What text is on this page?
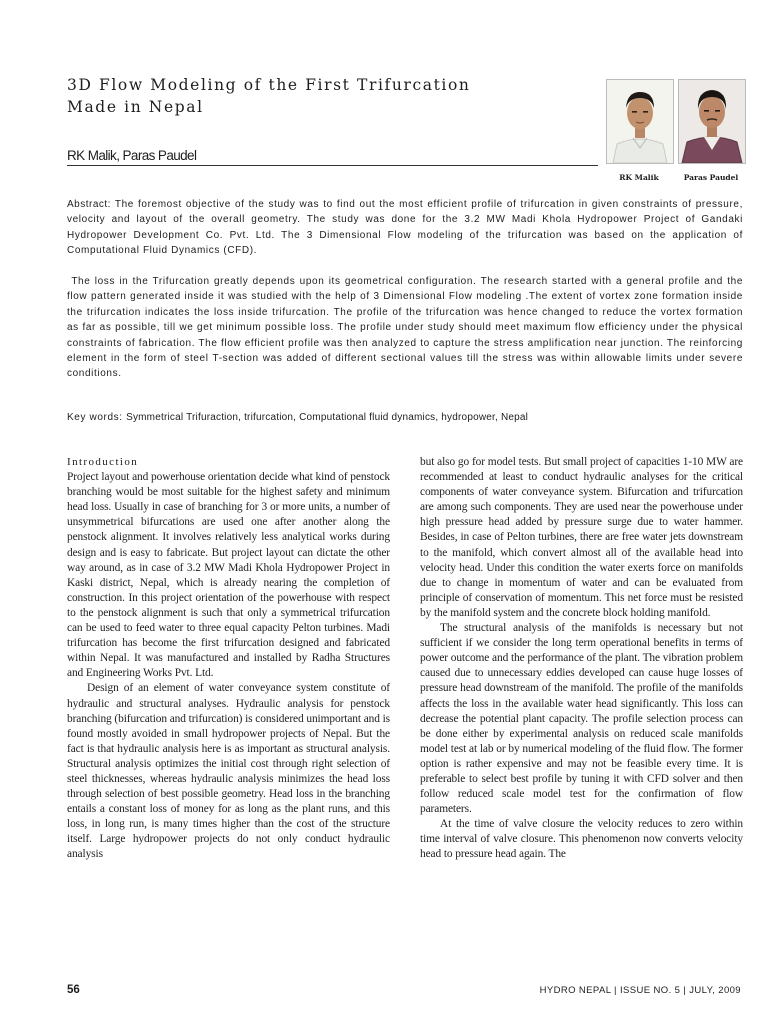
3D Flow Modeling of the First Trifurcation
Made in Nepal
RK Malik, Paras Paudel
RK Malik	Paras Paudel

Abstract: The foremost objective of the study was to find out the most efficient profile of trifurcation in given constraints of pressure, velocity and layout of the overall geometry. The study was done for the 3.2 MW Madi Khola Hydropower Project of Gandaki Hydropower Development Co. Pvt. Ltd. The 3 Dimensional Flow modeling of the trifurcation was based on the application of Computational Fluid Dynamics (CFD).

The loss in the Trifurcation greatly depends upon its geometrical configuration. The research started with a general profile and the flow pattern generated inside it was studied with the help of 3 Dimensional Flow modeling .The extent of vortex zone formation inside the trifurcation indicates the loss inside trifurcation. The profile of the trifurcation was hence changed to reduce the vortex formation as far as possible, till we get minimum possible loss. The profile under study should meet maximum flow efficiency under the physical constraints of fabrication. The flow efficient profile was then analyzed to capture the stress amplification near junction. The reinforcing element in the form of steel T-section was added of different sectional values till the stress was within allowable limits under severe conditions.

Key words: Symmetrical Trifuraction, trifurcation, Computational fluid dynamics, hydropower, Nepal

Introduction

Project layout and powerhouse orientation decide what kind of penstock branching would be most suitable for the highest safety and minimum head loss. Usually in case of branching for 3 or more units, a number of unsymmetrical bifurcations are used one after another along the penstock alignment. It involves relatively less analytical works during design and is easy to fabricate. But project layout can dictate the other way around, as in case of 3.2 MW Madi Khola Hydropower Project in Kaski district, Nepal, which is already nearing the completion of construction. In this project orientation of the powerhouse with respect to the penstock alignment is such that only a symmetrical trifurcation can be used to feed water to three equal capacity Pelton turbines. Madi trifurcation has become the first trifurcation designed and fabricated within Nepal. It was manufactured and installed by Radha Structures and Engineering Works Pvt. Ltd.

Design of an element of water conveyance system constitute of hydraulic and structural analyses. Hydraulic analysis for penstock branching (bifurcation and trifurcation) is considered unimportant and is found mostly avoided in small hydropower projects of Nepal. But the fact is that hydraulic analysis here is as important as structural analysis. Structural analysis optimizes the initial cost through right selection of steel thicknesses, whereas hydraulic analysis minimizes the head loss through selection of best possible geometry. Head loss in the branching entails a constant loss of money for as long as the plant runs, and this loss, in long run, is many times higher than the cost of the structure itself. Large hydropower projects do not only conduct hydraulic analysis

but also go for model tests. But small project of capacities 1-10 MW are recommended at least to conduct hydraulic analyses for the critical components of water conveyance system. Bifurcation and trifurcation are among such components. They are used near the powerhouse under high pressure head added by pressure surge due to water hammer. Besides, in case of Pelton turbines, there are free water jets downstream to the manifold, which convert almost all of the available head into velocity head. Under this condition the water exerts force on manifolds due to change in momentum of water and can be evaluated from principle of conservation of momentum. This net force must be resisted by the manifold system and the concrete block holding manifold.

The structural analysis of the manifolds is necessary but not sufficient if we consider the long term operational benefits in terms of power outcome and the performance of the plant. The vibration problem caused due to unnecessary eddies developed can cause huge losses of pressure head downstream of the manifold. The profile of the manifolds affects the loss in the available water head significantly. This loss can decrease the potential plant capacity. The profile selection process can be done either by experimental analysis on reduced scale manifolds model test at lab or by numerical modeling of the fluid flow. The former option is rather expensive and may not be feasible every time. It is preferable to select best profile by tuning it with CFD solver and then follow reduced scale model test for the confirmation of flow parameters.

At the time of valve closure the velocity reduces to zero within time interval of valve closure. This phenomenon now converts velocity head to pressure head again. The

56	HYDRO NEPAL | ISSUE NO. 5 | JULY, 2009
